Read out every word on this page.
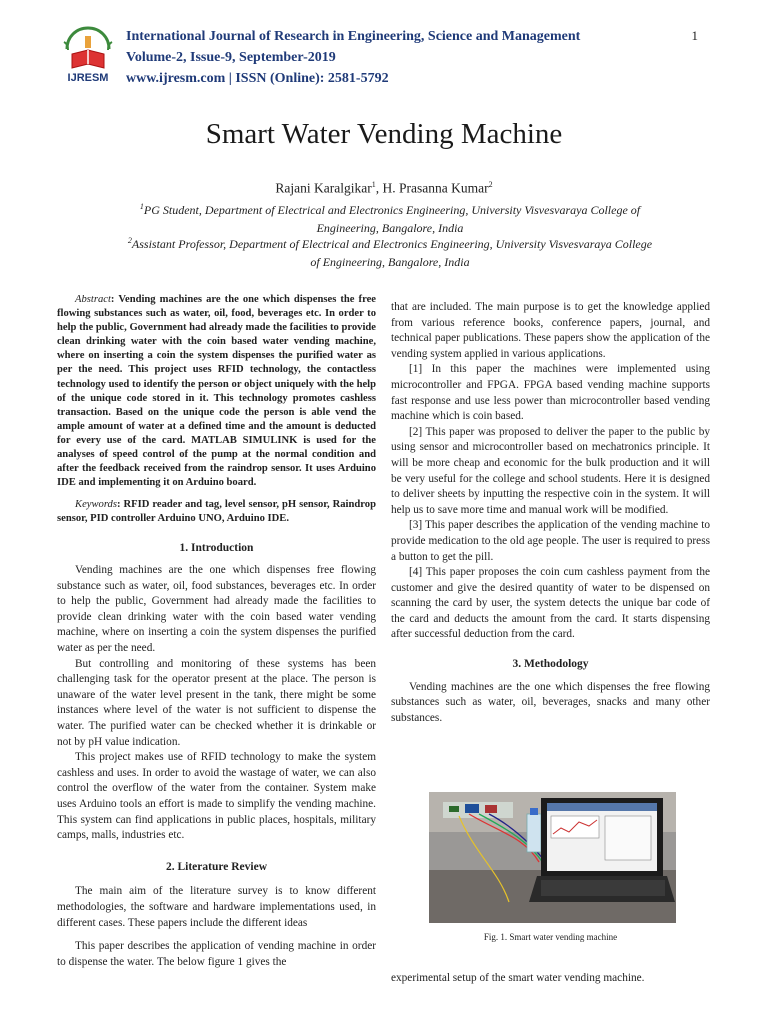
IJRESM
International Journal of Research in Engineering, Science and Management
Volume-2, Issue-9, September-2019
www.ijresm.com | ISSN (Online): 2581-5792
1
Smart Water Vending Machine
Rajani Karalgikar$^1$, H. Prasanna Kumar$^2$
$^1$PG Student, Department of Electrical and Electronics Engineering, University Visvesvaraya College of
Engineering, Bangalore, India
$^2$Assistant Professor, Department of Electrical and Electronics Engineering, University Visvesvaraya College
of Engineering, Bangalore, India

Abstract: Vending machines are the one which dispenses the free flowing substances such as water, oil, food, beverages etc. In order to help the public, Government had already made the facilities to provide clean drinking water with the coin based water vending machine, where on inserting a coin the system dispenses the purified water as per the need. This project uses RFID technology, the contactless technology used to identify the person or object uniquely with the help of the unique code stored in it. This technology promotes cashless transaction. Based on the unique code the person is able vend the ample amount of water at a defined time and the amount is deducted for every use of the card. MATLAB SIMULINK is used for the analyses of speed control of the pump at the normal condition and after the feedback received from the raindrop sensor. It uses Arduino IDE and implementing it on Arduino board.

Keywords: RFID reader and tag, level sensor, pH sensor, Raindrop sensor, PID controller Arduino UNO, Arduino IDE.

1. Introduction

Vending machines are the one which dispenses free flowing substance such as water, oil, food substances, beverages etc. In order to help the public, Government had already made the facilities to provide clean drinking water with the coin based water vending machine, where on inserting a coin the system dispenses the purified water as per the need.

But controlling and monitoring of these systems has been challenging task for the operator present at the place. The person is unaware of the water level present in the tank, there might be some instances where level of the water is not sufficient to dispense the water. The purified water can be checked whether it is drinkable or not by pH value indication.

This project makes use of RFID technology to make the system cashless and uses. In order to avoid the wastage of water, we can also control the overflow of the water from the container. System make uses Arduino tools an effort is made to simplify the vending machine. This system can find applications in public places, hospitals, military camps, malls, industries etc.

2. Literature Review

The main aim of the literature survey is to know different methodologies, the software and hardware implementations used, in different cases. These papers include the different ideas

This paper describes the application of vending machine in order to dispense the water. The below figure 1 gives the

that are included. The main purpose is to get the knowledge applied from various reference books, conference papers, journal, and technical paper publications. These papers show the application of the vending system applied in various applications.

[1] In this paper the machines were implemented using microcontroller and FPGA. FPGA based vending machine supports fast response and use less power than microcontroller based vending machine which is coin based.

[2] This paper was proposed to deliver the paper to the public by using sensor and microcontroller based on mechatronics principle. It will be more cheap and economic for the bulk production and it will be very useful for the college and school students. Here it is designed to deliver sheets by inputting the respective coin in the system. It will help us to save more time and manual work will be modified.

[3] This paper describes the application of the vending machine to provide medication to the old age people. The user is required to press a button to get the pill.

[4] This paper proposes the coin cum cashless payment from the customer and give the desired quantity of water to be dispensed on scanning the card by user, the system detects the unique bar code of the card and deducts the amount from the card. It starts dispensing after successful deduction from the card.

3. Methodology

Vending machines are the one which dispenses the free flowing substances such as water, oil, beverages, snacks and many other substances.

Fig. 1. Smart water vending machine
experimental setup of the smart water vending machine.
